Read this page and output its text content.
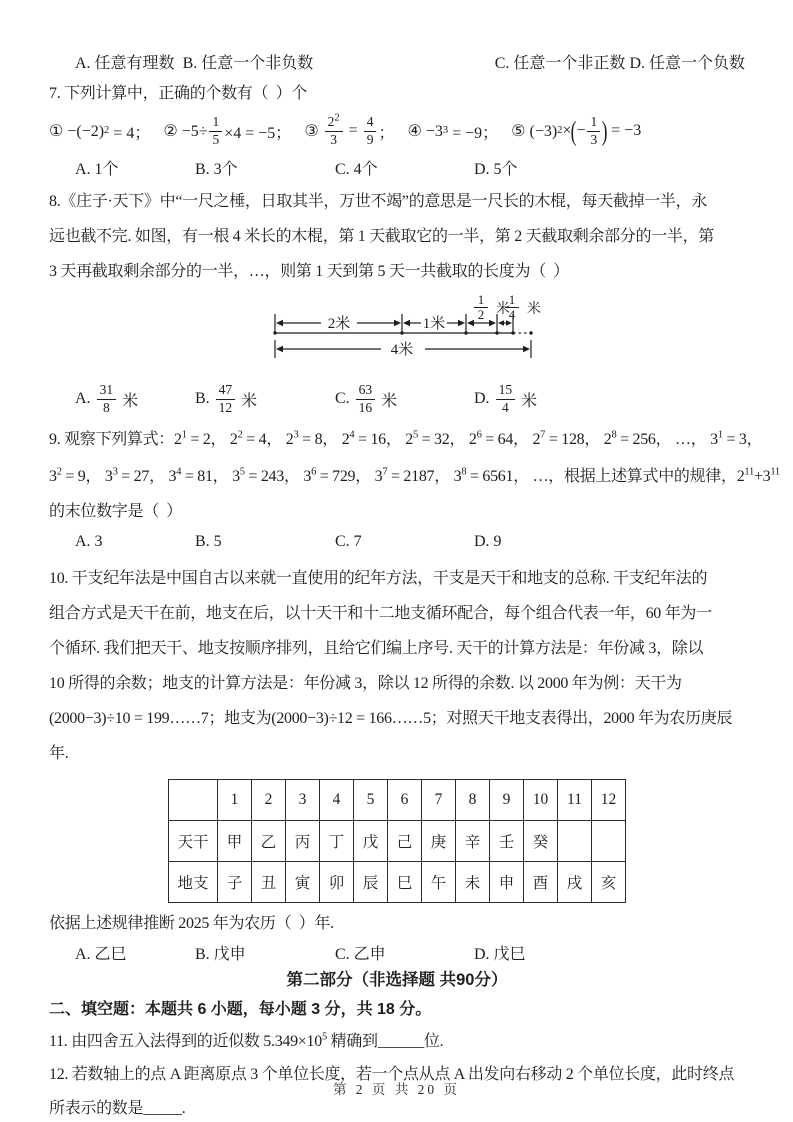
A. 任意有理数
B. 任意一个非负数	C. 任意一个非正数
D. 任意一个负数
7. 下列计算中，正确的个数有（  ）个
① −(−2) 2 = 4； ② $-5\div \frac{1}{5} \times 4 = -5$； ③ $\frac{2^2}{3} = \frac{4}{9}$ ； ④ −3 3 = −9； ⑤ (−3) 2 × ( − $\frac{1}{3}$ ) = −3
A. 1个	B. 3个	C. 4个	D. 5个
8.《庄子·天下》中“一尺之棰，日取其半，万世不竭”的意思是一尺长的木棍，每天截掉一半，永
远也截不完. 如图，有一根 4 米长的木棍，第 1 天截取它的一半，第 2 天截取剩余部分的一半，第
3 天再截取剩余部分的一半，…，则第 1 天到第 5 天一共截取的长度为（  ）
1
2 米
1
4 米
2米	1米
4米
A. $\frac{31}{8}$ 米	B. $\frac{47}{12}$ 米	C. $\frac{63}{16}$ 米	D. $\frac{15}{4}$ 米
9. 观察下列算式：$2^1 = 2$， $2^2 = 4$， $2^3 = 8$， $2^4 = 16$， $2^5 = 32$， $2^6 = 64$， $2^7 = 128$， $2^8 = 256$， …， $3^1 = 3$，
$3^2 = 9$， $3^3 = 27$， $3^4 = 81$， $3^5 = 243$， $3^6 = 729$， $3^7 = 2187$， $3^8 = 6561$， …，根据上述算式中的规律，$2^{11}+3^{11}$
的末位数字是（  ）
A. 3	B. 5	C. 7	D. 9
10. 干支纪年法是中国自古以来就一直使用的纪年方法，干支是天干和地支的总称. 干支纪年法的
组合方式是天干在前，地支在后，以十天干和十二地支循环配合，每个组合代表一年，60 年为一
个循环. 我们把天干、地支按顺序排列，且给它们编上序号. 天干的计算方法是：年份减 3，除以
10 所得的余数；地支的计算方法是：年份减 3，除以 12 所得的余数. 以 2000 年为例：天干为
(2000−3)÷10 = 199……7；地支为(2000−3)÷12 = 166……5；对照天干地支表得出，2000 年为农历庚辰
年.
	1	2	3	4	5	6	7	8	9	10	11	12
天干	甲	乙	丙	丁	戊	己	庚	辛	壬	癸		
地支	子	丑	寅	卯	辰	巳	午	未	申	酉	戌	亥
依据上述规律推断 2025 年为农历（  ）年.
A. 乙巳	B. 戊申	C. 乙申	D. 戊巳
第二部分（非选择题 共90分）
二、填空题：本题共 6 小题，每小题 3 分，共 18 分。
11. 由四舍五入法得到的近似数 $5.349\times 10^5$ 精确到______位.
12. 若数轴上的点 A 距离原点 3 个单位长度，若一个点从点 A 出发向右移动 2 个单位长度，此时终点
所表示的数是_____.
第 2 页 共 20 页
